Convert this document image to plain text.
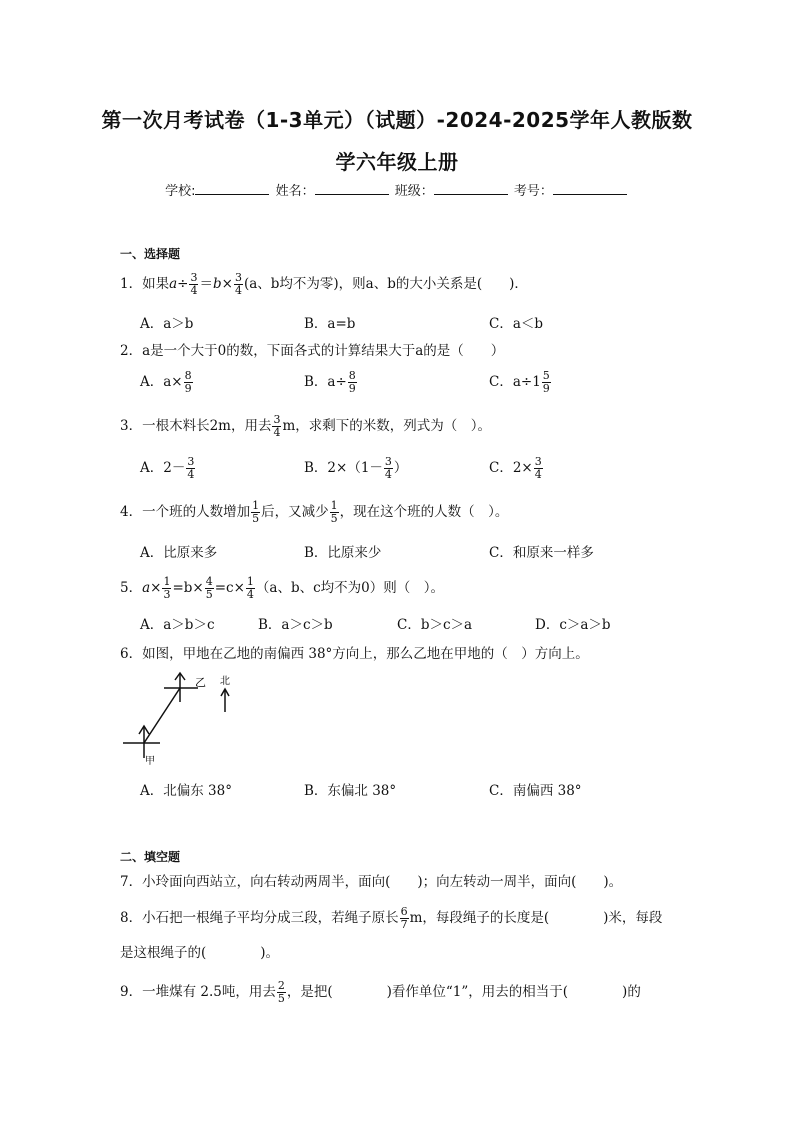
第一次月考试卷（1-3单元）（试题）-2024-2025学年人教版数
学六年级上册
学校:	姓名：	班级：	考号：
一、选择题
1．如果$a\div \frac{3}{4} =b\times \frac{3}{4} (a$、b均不为零)，则a、b的大小关系是(　　)．
A．a＞b	B．a=b	C．a＜b
2．a是一个大于0的数，下面各式的计算结果大于a的是（　　）
A．$a\times \frac{8}{9}$	B．$a\div \frac{8}{9}$	C．$a\div 1 \frac{5}{9}$
3．一根木料长2m，用去 $\frac{3}{4}$ m，求剩下的米数，列式为（　）。
A．$2- \frac{3}{4}$	B．$2\times(1- \frac{3}{4}$ ）	C．$2\times \frac{3}{4}$
4．一个班的人数增加 $\frac{1}{5}$ 后，又减少 $\frac{1}{5}$ ，现在这个班的人数（　）。
A．比原来多	B．比原来少	C．和原来一样多
5．$a\times \frac{1}{3} =b\times \frac{4}{5} =c\times \frac{1}{4} (a$、b、c均不为0）则（　）。
A．a＞b＞c	B．a＞c＞b	C．b＞c＞a	D．c＞a＞b
6．如图，甲地在乙地的南偏西 38°方向上，那么乙地在甲地的（　）方向上。
乙
甲
北
A．北偏东 38°	B．东偏北 38°	C．南偏西 38°
二、填空题
7．小玲面向西站立，向右转动两周半，面向(　　)；向左转动一周半，面向(　　)。
8．小石把一根绳子平均分成三段，若绳子原长 $\frac{6}{7}$ m，每段绳子的长度是(　　　　)米，每段
是这根绳子的(　　　　)。
9．一堆煤有 2.5吨，用去 $\frac{2}{5}$ ，是把(　　　　)看作单位“1”，用去的相当于(　　　　)的
